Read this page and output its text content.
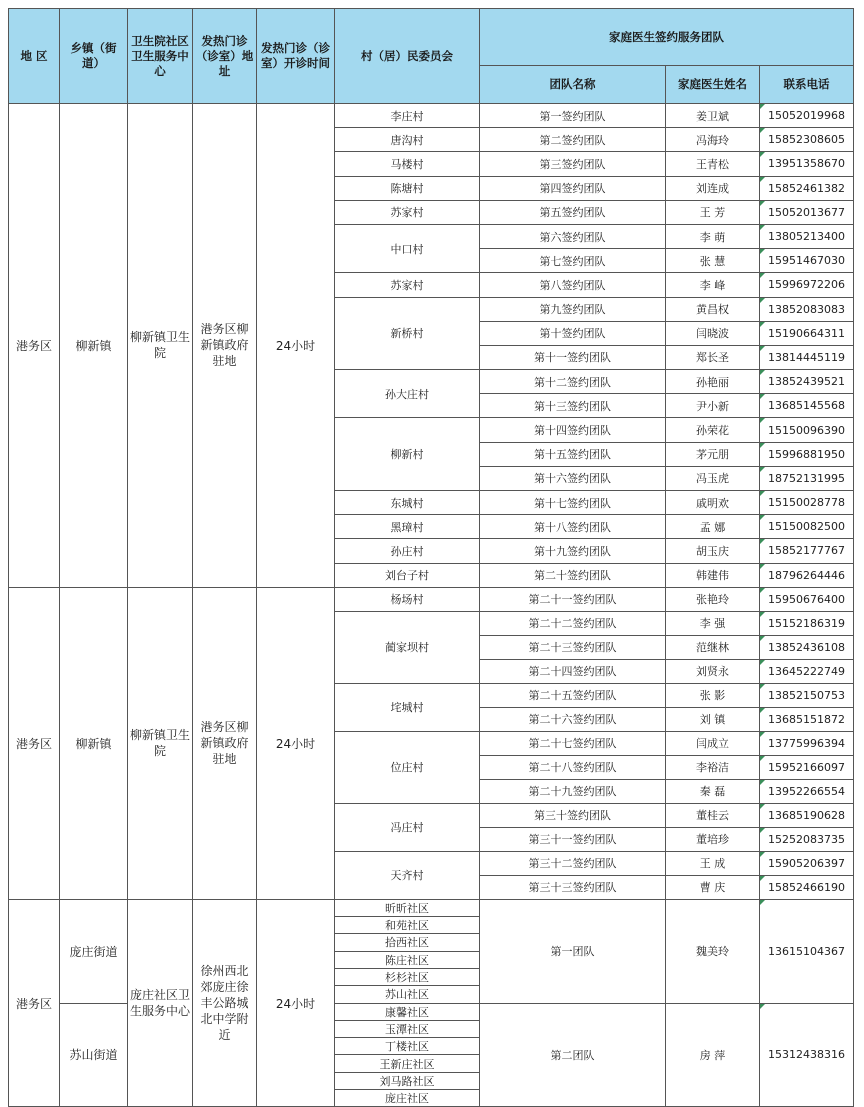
地 区	乡镇（街道）	卫生院社区卫生服务中心	发热门诊（诊室）地址	发热门诊（诊室）开诊时间	村（居）民委员会	家庭医生签约服务团队		
						团队名称	家庭医生姓名	联系电话
港务区	柳新镇	柳新镇卫生院	港务区柳新镇政府驻地	24小时	李庄村	第一签约团队	姜卫斌	15052019968
					唐沟村	第二签约团队	冯海玲	15852308605
					马楼村	第三签约团队	王青松	13951358670
					陈塘村	第四签约团队	刘连成	15852461382
					苏家村	第五签约团队	王 芳	15052013677
					中口村	第六签约团队	李 萌	13805213400
						第七签约团队	张 慧	15951467030
					苏家村	第八签约团队	李 峰	15996972206
					新桥村	第九签约团队	黄昌权	13852083083
						第十签约团队	闫晓波	15190664311
						第十一签约团队	郑长圣	13814445119
					孙大庄村	第十二签约团队	孙艳丽	13852439521
						第十三签约团队	尹小新	13685145568
					柳新村	第十四签约团队	孙荣花	15150096390
						第十五签约团队	茅元朋	15996881950
						第十六签约团队	冯玉虎	18752131995
					东城村	第十七签约团队	戚明欢	15150028778
					黑璋村	第十八签约团队	孟 娜	15150082500
					孙庄村	第十九签约团队	胡玉庆	15852177767
					刘台子村	第二十签约团队	韩建伟	18796264446
港务区	柳新镇	柳新镇卫生院	港务区柳新镇政府驻地	24小时	杨场村	第二十一签约团队	张艳玲	15950676400
					蔺家坝村	第二十二签约团队	李 强	15152186319
						第二十三签约团队	范继林	13852436108
						第二十四签约团队	刘贤永	13645222749
					垞城村	第二十五签约团队	张 影	13852150753
						第二十六签约团队	刘 镇	13685151872
					位庄村	第二十七签约团队	闫成立	13775996394
						第二十八签约团队	李裕洁	15952166097
						第二十九签约团队	秦 磊	13952266554
					冯庄村	第三十签约团队	董桂云	13685190628
						第三十一签约团队	董培珍	15252083735
					天齐村	第三十二签约团队	王 成	15905206397
						第三十三签约团队	曹 庆	15852466190
港务区	庞庄街道	庞庄社区卫生服务中心	徐州西北郊庞庄徐丰公路城北中学附近	24小时	昕昕社区	第一团队	魏美玲	13615104367
					和苑社区			
					拾西社区			
					陈庄社区			
					杉杉社区			
					苏山社区			
	苏山街道				康馨社区	第二团队	房 萍	15312438316
					玉潭社区			
					丁楼社区			
					王新庄社区			
					刘马路社区			
					庞庄社区			
